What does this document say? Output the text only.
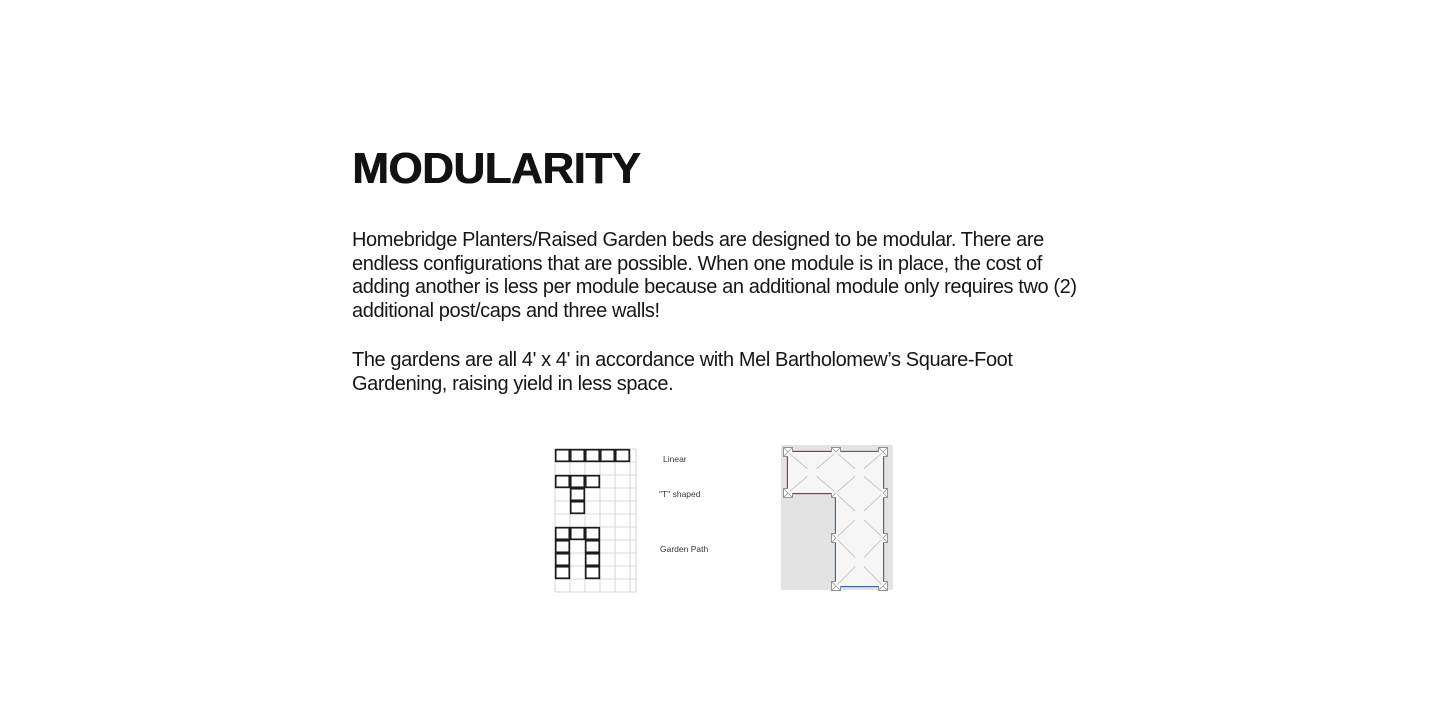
MODULARITY
Homebridge Planters/Raised Garden beds are designed to be modular. There are
endless configurations that are possible. When one module is in place, the cost of
adding another is less per module because an additional module only requires two (2)
additional post/caps and three walls!
The gardens are all 4' x 4' in accordance with Mel Bartholomew’s Square-Foot
Gardening, raising yield in less space.
Linear
"T" shaped
Garden Path
